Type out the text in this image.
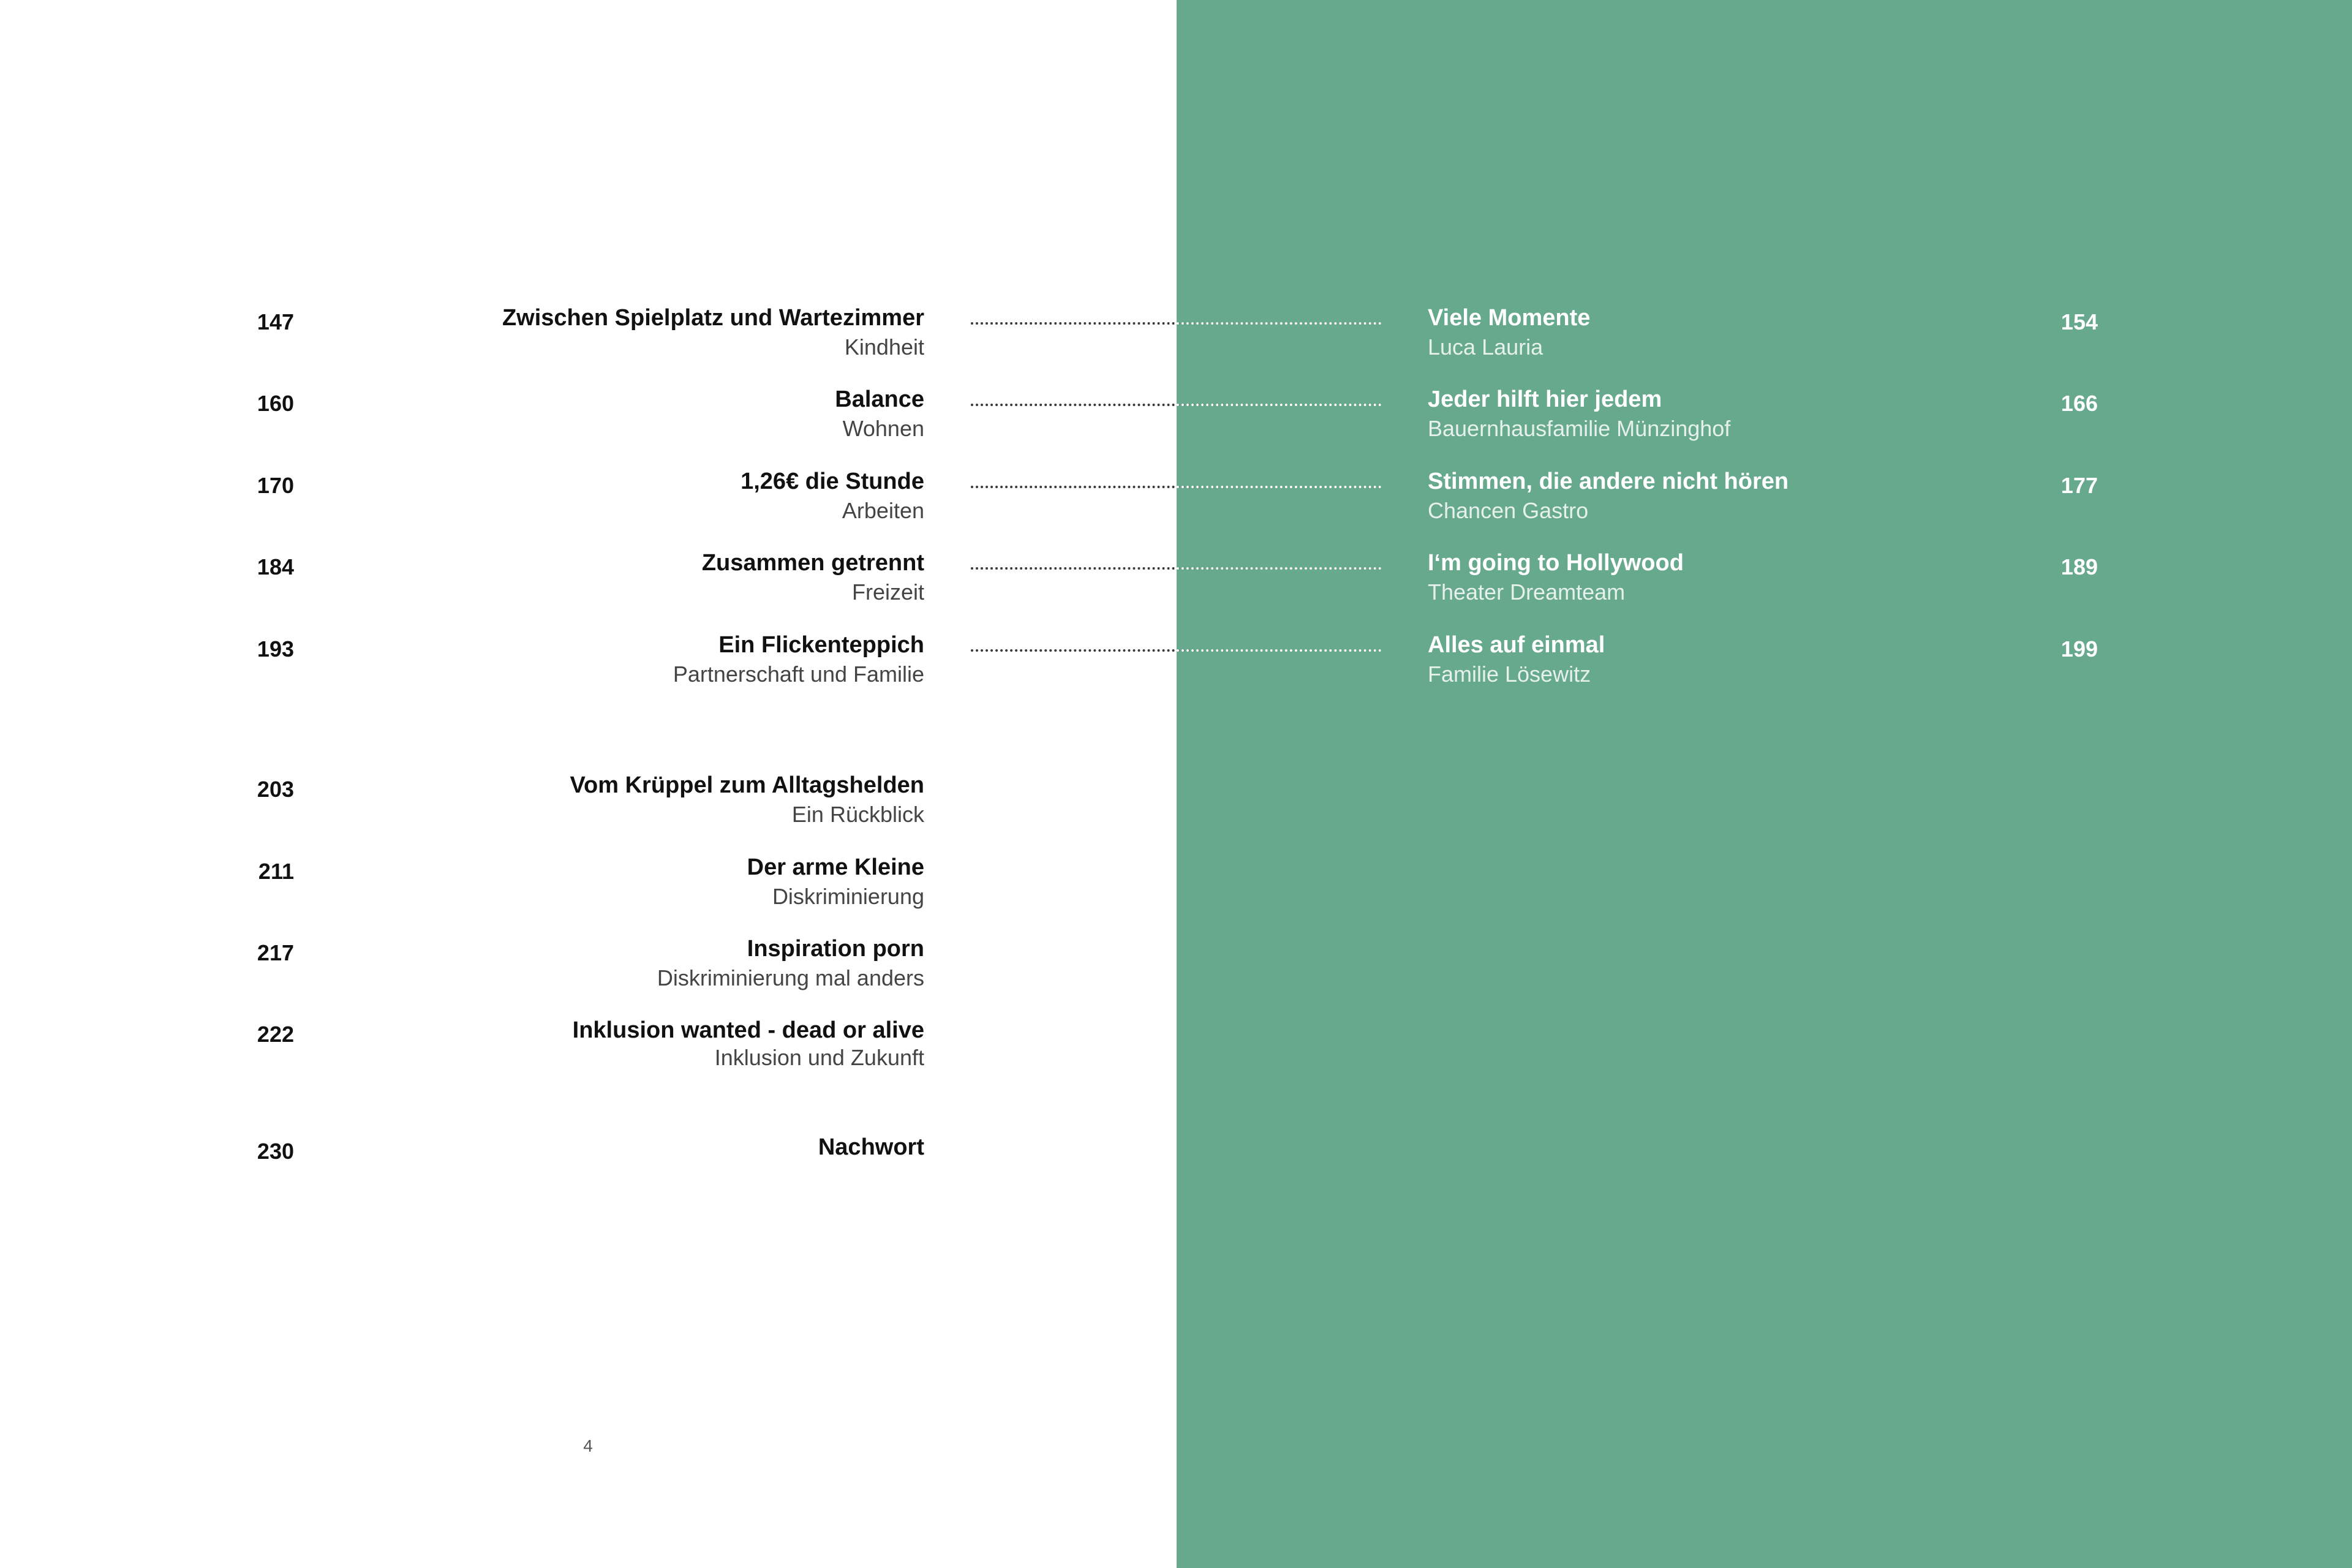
147	Zwischen Spielplatz und Wartezimmer
Kindheit
Viele Momente
Luca Lauria
154
160	Balance
Wohnen
Jeder hilft hier jedem
Bauernhausfamilie Münzinghof
166
170	1,26€ die Stunde
Arbeiten
Stimmen, die andere nicht hören
Chancen Gastro
177
184	Zusammen getrennt
Freizeit
I‘m going to Hollywood
Theater Dreamteam
189
193	Ein Flickenteppich
Partnerschaft und Familie
Alles auf einmal
Familie Lösewitz
199
203	Vom Krüppel zum Alltagshelden
Ein Rückblick
211	Der arme Kleine
Diskriminierung
217	Inspiration porn
Diskriminierung mal anders
222	Inklusion wanted - dead or alive
Inklusion und Zukunft
230	Nachwort
4
